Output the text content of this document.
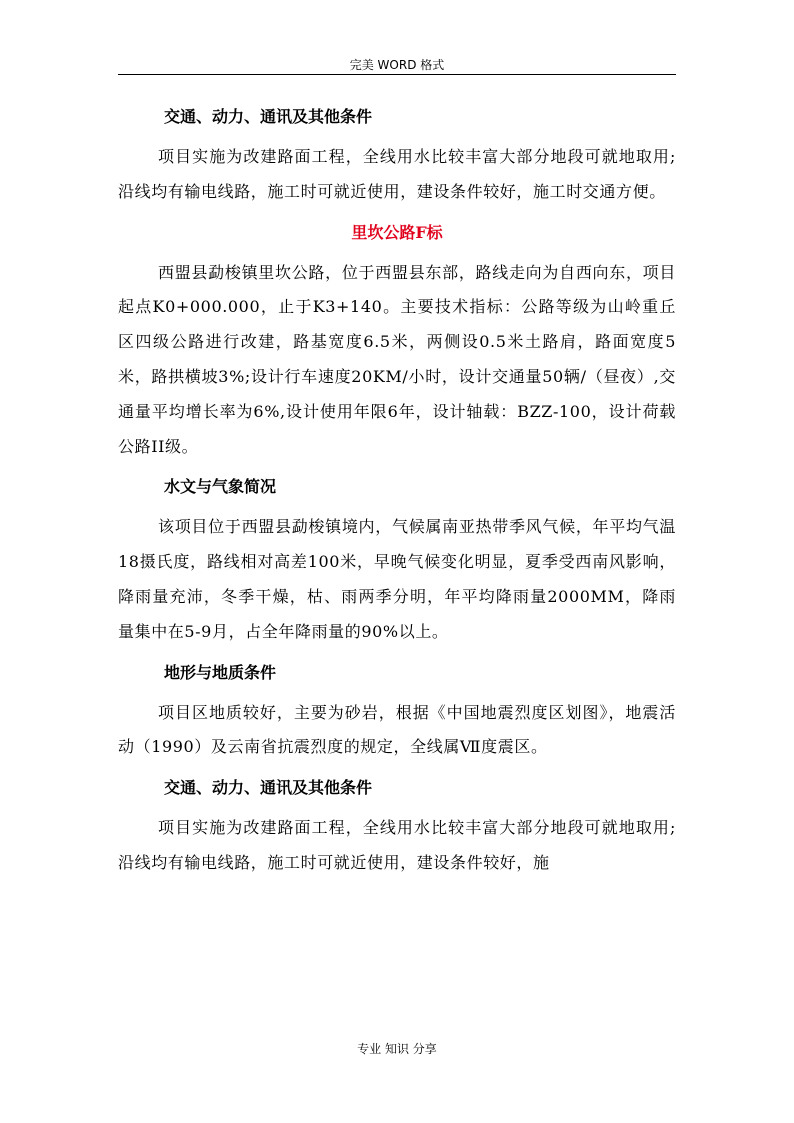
完美 WORD 格式

交通、动力、通讯及其他条件

项目实施为改建路面工程，全线用水比较丰富大部分地段可就地取用;沿线均有输电线路，施工时可就近使用，建设条件较好，施工时交通方便。

里坎公路F标

西盟县勐梭镇里坎公路，位于西盟县东部，路线走向为自西向东，项目起点K0+000.000，止于K3+140。主要技术指标：公路等级为山岭重丘区四级公路进行改建，路基宽度6.5米，两侧设0.5米土路肩，路面宽度5米，路拱横坡3%;设计行车速度20KM/小时，设计交通量50辆/（昼夜）,交通量平均增长率为6%,设计使用年限6年，设计轴载：BZZ-100，设计荷载公路II级。

水文与气象简况

该项目位于西盟县勐梭镇境内，气候属南亚热带季风气候，年平均气温18摄氏度，路线相对高差100米，早晚气候变化明显，夏季受西南风影响，降雨量充沛，冬季干燥，枯、雨两季分明，年平均降雨量2000MM，降雨量集中在5-9月，占全年降雨量的90%以上。

地形与地质条件

项目区地质较好，主要为砂岩，根据《中国地震烈度区划图》，地震活动（1990）及云南省抗震烈度的规定，全线属Ⅶ度震区。

交通、动力、通讯及其他条件

项目实施为改建路面工程，全线用水比较丰富大部分地段可就地取用;沿线均有输电线路，施工时可就近使用，建设条件较好，施

专业 知识 分享
